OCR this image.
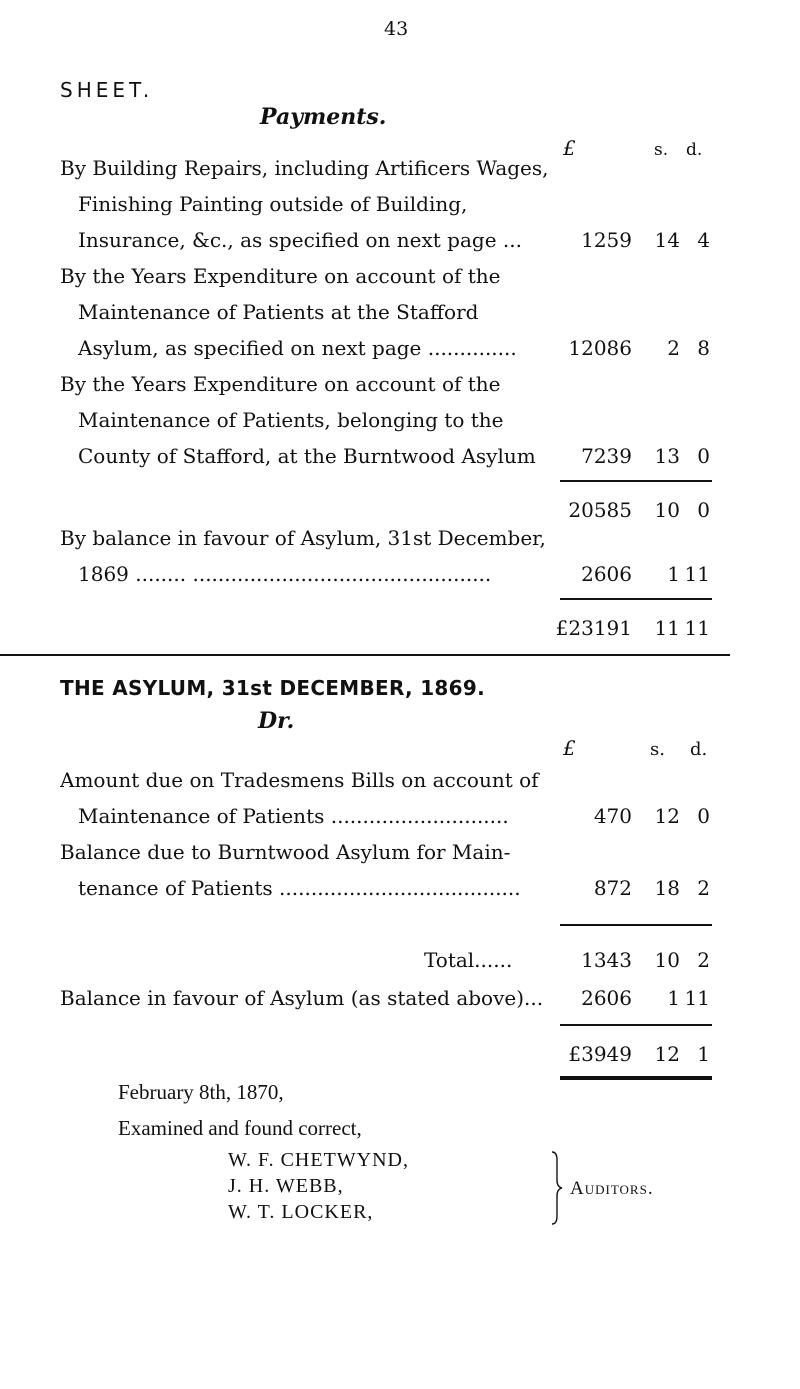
43
SHEET.
Payments.
£	s. d.
By Building Repairs, including Artificers Wages,
Finishing Painting outside of Building,
Insurance, &c., as specified on next page ...	1259	14 4
By the Years Expenditure on account of the
Maintenance of Patients at the Stafford
Asylum, as specified on next page ..............	12086	2 8
By the Years Expenditure on account of the
Maintenance of Patients, belonging to the
County of Stafford, at the Burntwood Asylum	7239	13 0
20585	10 0
By balance in favour of Asylum, 31st December,
1869 ........ ...............................................	2606	1 11
£23191	11 11
THE ASYLUM, 31st DECEMBER, 1869.
Dr.
£	s. d.
Amount due on Tradesmens Bills on account of
Maintenance of Patients ............................	470	12 0
Balance due to Burntwood Asylum for Main-
tenance of Patients ......................................	872	18 2
Total......	1343	10 2
Balance in favour of Asylum (as stated above)...	2606	1 11
£3949	12 1
February 8th, 1870,
Examined and found correct,
W. F. CHETWYND,
J. H. WEBB,
W. T. LOCKER,
Auditors.
